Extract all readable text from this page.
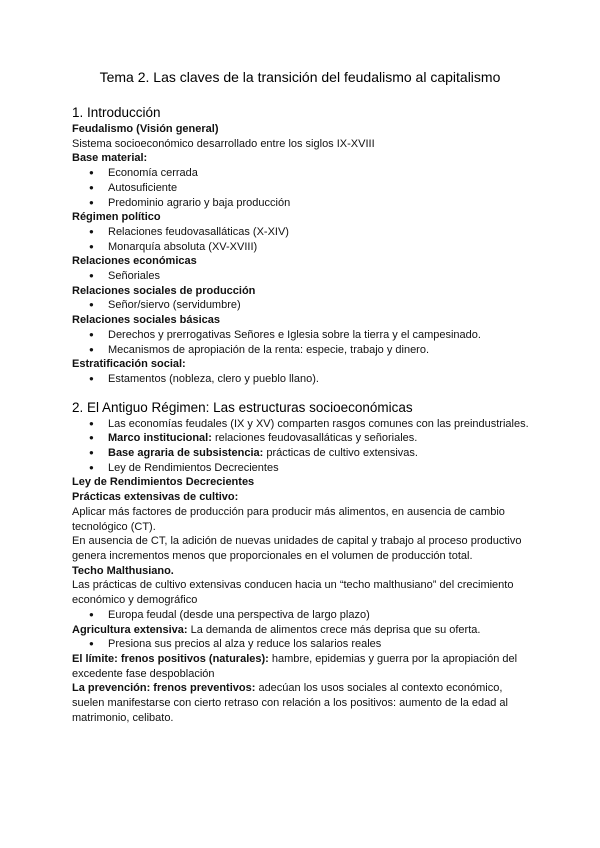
Tema 2. Las claves de la transición del feudalismo al capitalismo

1. Introducción

Feudalismo (Visión general)

Sistema socioeconómico desarrollado entre los siglos IX-XVIII

Base material:

● Economía cerrada
● Autosuficiente
● Predominio agrario y baja producción

Régimen político

● Relaciones feudovasalláticas (X-XIV)
● Monarquía absoluta (XV-XVIII)

Relaciones económicas

● Señoriales

Relaciones sociales de producción

● Señor/siervo (servidumbre)

Relaciones sociales básicas

● Derechos y prerrogativas Señores e Iglesia sobre la tierra y el campesinado.
● Mecanismos de apropiación de la renta: especie, trabajo y dinero.

Estratificación social:

● Estamentos (nobleza, clero y pueblo llano).

2. El Antiguo Régimen: Las estructuras socioeconómicas

● Las economías feudales (IX y XV) comparten rasgos comunes con las preindustriales.
● Marco institucional: relaciones feudovasalláticas y señoriales.
● Base agraria de subsistencia: prácticas de cultivo extensivas.
● Ley de Rendimientos Decrecientes

Ley de Rendimientos Decrecientes

Prácticas extensivas de cultivo:

Aplicar más factores de producción para producir más alimentos, en ausencia de cambio tecnológico (CT).

En ausencia de CT, la adición de nuevas unidades de capital y trabajo al proceso productivo genera incrementos menos que proporcionales en el volumen de producción total.

Techo Malthusiano.

Las prácticas de cultivo extensivas conducen hacia un “techo malthusiano” del crecimiento económico y demográfico

● Europa feudal (desde una perspectiva de largo plazo)

Agricultura extensiva: La demanda de alimentos crece más deprisa que su oferta.

● Presiona sus precios al alza y reduce los salarios reales

El límite: frenos positivos (naturales): hambre, epidemias y guerra por la apropiación del excedente fase despoblación

La prevención: frenos preventivos: adecúan los usos sociales al contexto económico, suelen manifestarse con cierto retraso con relación a los positivos: aumento de la edad al matrimonio, celibato.
